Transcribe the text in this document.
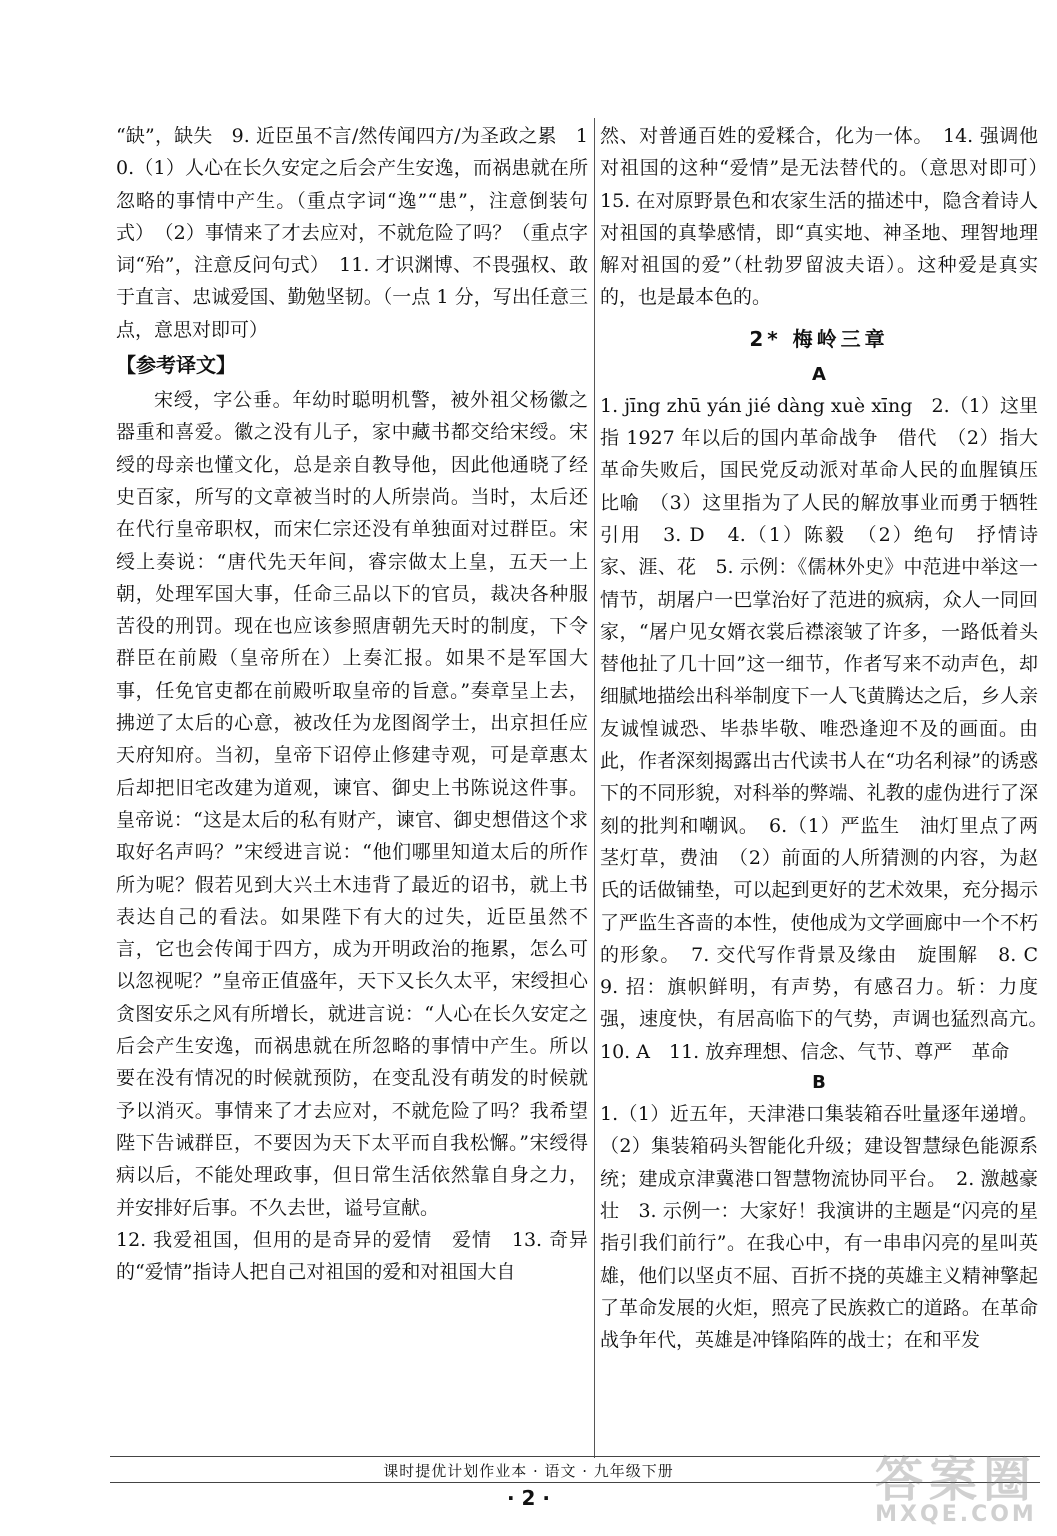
“缺”，缺失　9. 近臣虽不言/然传闻四方/为圣政之累　10.（1）人心在长久安定之后会产生安逸，而祸患就在所忽略的事情中产生。（重点字词“逸”“患”，注意倒装句式）　（2）事情来了才去应对，不就危险了吗？（重点字词“殆”，注意反问句式）　11. 才识渊博、不畏强权、敢于直言、忠诚爱国、勤勉坚韧。（一点 1 分，写出任意三点，意思对即可）

【参考译文】

宋绶，字公垂。年幼时聪明机警，被外祖父杨徽之器重和喜爱。徽之没有儿子，家中藏书都交给宋绶。宋绶的母亲也懂文化，总是亲自教导他，因此他通晓了经史百家，所写的文章被当时的人所崇尚。当时，太后还在代行皇帝职权，而宋仁宗还没有单独面对过群臣。宋绶上奏说：“唐代先天年间，睿宗做太上皇，五天一上朝，处理军国大事，任命三品以下的官员，裁决各种服苦役的刑罚。现在也应该参照唐朝先天时的制度，下令群臣在前殿（皇帝所在）上奏汇报。如果不是军国大事，任免官吏都在前殿听取皇帝的旨意。”奏章呈上去，拂逆了太后的心意，被改任为龙图阁学士，出京担任应天府知府。当初，皇帝下诏停止修建寺观，可是章惠太后却把旧宅改建为道观，谏官、御史上书陈说这件事。皇帝说：“这是太后的私有财产，谏官、御史想借这个求取好名声吗？”宋绶进言说：“他们哪里知道太后的所作所为呢？假若见到大兴土木违背了最近的诏书，就上书表达自己的看法。如果陛下有大的过失，近臣虽然不言，它也会传闻于四方，成为开明政治的拖累，怎么可以忽视呢？”皇帝正值盛年，天下又长久太平，宋绶担心贪图安乐之风有所增长，就进言说：“人心在长久安定之后会产生安逸，而祸患就在所忽略的事情中产生。所以要在没有情况的时候就预防，在变乱没有萌发的时候就予以消灭。事情来了才去应对，不就危险了吗？我希望陛下告诫群臣，不要因为天下太平而自我松懈。”宋绶得病以后，不能处理政事，但日常生活依然靠自身之力，并安排好后事。不久去世，谥号宣献。

12. 我爱祖国，但用的是奇异的爱情　爱情　13. 奇异的“爱情”指诗人把自己对祖国的爱和对祖国大自

然、对普通百姓的爱糅合，化为一体。　14. 强调他对祖国的这种“爱情”是无法替代的。（意思对即可）　15. 在对原野景色和农家生活的描述中，隐含着诗人对祖国的真挚感情，即“真实地、神圣地、理智地理解对祖国的爱”（杜勃罗留波夫语）。这种爱是真实的，也是最本色的。

2* 梅岭三章
A

1. jīng zhū yán jié dàng xuè xīng　2.（1）这里指 1927 年以后的国内革命战争　借代　（2）指大革命失败后，国民党反动派对革命人民的血腥镇压　比喻　（3）这里指为了人民的解放事业而勇于牺牲　引用　3. D　4.（1）陈毅　（2）绝句　抒情诗　家、涯、花　5. 示例：《儒林外史》中范进中举这一情节，胡屠户一巴掌治好了范进的疯病，众人一同回家，“屠户见女婿衣裳后襟滚皱了许多，一路低着头替他扯了几十回”这一细节，作者写来不动声色，却细腻地描绘出科举制度下一人飞黄腾达之后，乡人亲友诚惶诚恐、毕恭毕敬、唯恐逢迎不及的画面。由此，作者深刻揭露出古代读书人在“功名利禄”的诱惑下的不同形貌，对科举的弊端、礼教的虚伪进行了深刻的批判和嘲讽。　6.（1）严监生　油灯里点了两茎灯草，费油　（2）前面的人所猜测的内容，为赵氏的话做铺垫，可以起到更好的艺术效果，充分揭示了严监生吝啬的本性，使他成为文学画廊中一个不朽的形象。　7. 交代写作背景及缘由　旋围解　8. C　9. 招：旗帜鲜明，有声势，有感召力。斩：力度强，速度快，有居高临下的气势，声调也猛烈高亢。　10. A　11. 放弃理想、信念、气节、尊严　革命

B

1.（1）近五年，天津港口集装箱吞吐量逐年递增。（2）集装箱码头智能化升级；建设智慧绿色能源系统；建成京津冀港口智慧物流协同平台。　2. 激越豪壮　3. 示例一：大家好！我演讲的主题是“闪亮的星指引我们前行”。在我心中，有一串串闪亮的星叫英雄，他们以坚贞不屈、百折不挠的英雄主义精神擎起了革命发展的火炬，照亮了民族救亡的道路。在革命战争年代，英雄是冲锋陷阵的战士；在和平发

课时提优计划作业本 · 语文 · 九年级下册
· 2 ·	答案圈
MXQE.COM
